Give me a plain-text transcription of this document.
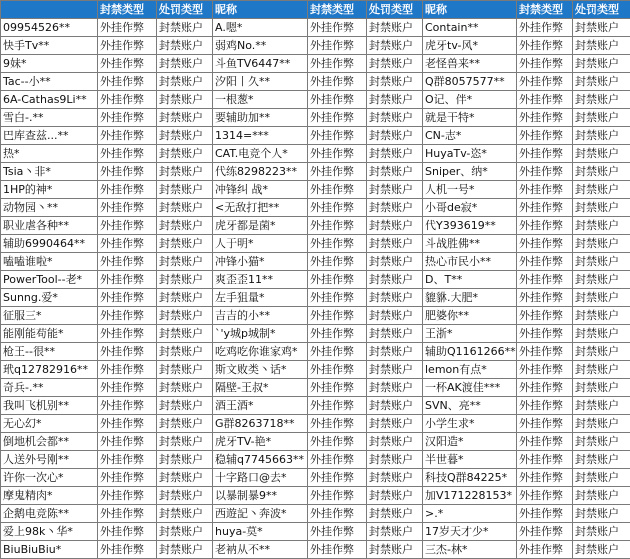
	封禁类型	处罚类型	昵称	封禁类型	处罚类型	昵称	封禁类型	处罚类型
09954526**	外挂作弊	封禁账户	A.嗯*	外挂作弊	封禁账户	Contain**	外挂作弊	封禁账户
快手Tv**	外挂作弊	封禁账户	弱鸡No.**	外挂作弊	封禁账户	虎牙tv-风*	外挂作弊	封禁账户
9妹*	外挂作弊	封禁账户	斗鱼TV6447**	外挂作弊	封禁账户	老怪兽来**	外挂作弊	封禁账户
Tac--小**	外挂作弊	封禁账户	汐阳丨久**	外挂作弊	封禁账户	Q群8057577**	外挂作弊	封禁账户
6A-Cathas9Li**	外挂作弊	封禁账户	一根葱*	外挂作弊	封禁账户	O记、伴*	外挂作弊	封禁账户
雪白-.**	外挂作弊	封禁账户	要辅助加**	外挂作弊	封禁账户	就是干特*	外挂作弊	封禁账户
巴库查兹...**	外挂作弊	封禁账户	1314=***	外挂作弊	封禁账户	CN-志*	外挂作弊	封禁账户
热*	外挂作弊	封禁账户	CAT.电竞个人*	外挂作弊	封禁账户	HuyaTv-恣*	外挂作弊	封禁账户
Tsia丶非*	外挂作弊	封禁账户	代练8298223**	外挂作弊	封禁账户	Sniper、纳*	外挂作弊	封禁账户
1HP的神*	外挂作弊	封禁账户	冲锋纠 战*	外挂作弊	封禁账户	人机一号*	外挂作弊	封禁账户
动物园丶**	外挂作弊	封禁账户	<无敌打把**	外挂作弊	封禁账户	小哥de寂*	外挂作弊	封禁账户
职业虐各种**	外挂作弊	封禁账户	虎牙都是菌*	外挂作弊	封禁账户	代Y393619**	外挂作弊	封禁账户
辅助6990464**	外挂作弊	封禁账户	人于明*	外挂作弊	封禁账户	斗战胜佛**	外挂作弊	封禁账户
嗑嗑谁啦*	外挂作弊	封禁账户	冲锋小猫*	外挂作弊	封禁账户	热心市民小**	外挂作弊	封禁账户
PowerTool--老*	外挂作弊	封禁账户	爽歪歪11**	外挂作弊	封禁账户	D、T**	外挂作弊	封禁账户
Sunng.爱*	外挂作弊	封禁账户	左手狙量*	外挂作弊	封禁账户	貔貅.大肥*	外挂作弊	封禁账户
征服三*	外挂作弊	封禁账户	吉吉的小**	外挂作弊	封禁账户	肥婆你**	外挂作弊	封禁账户
能刚能苟能*	外挂作弊	封禁账户	`'y城p城制*	外挂作弊	封禁账户	王浙*	外挂作弊	封禁账户
枪王--很**	外挂作弊	封禁账户	吃鸡吃你谁家鸡*	外挂作弊	封禁账户	辅助Q1161266**	外挂作弊	封禁账户
玳q12782916**	外挂作弊	封禁账户	斯文败类丶话*	外挂作弊	封禁账户	lemon有点*	外挂作弊	封禁账户
奇兵-.**	外挂作弊	封禁账户	隔壁-王叔*	外挂作弊	封禁账户	一杯AK渡佳***	外挂作弊	封禁账户
我叫飞机别**	外挂作弊	封禁账户	酒王酒*	外挂作弊	封禁账户	SVN、亮**	外挂作弊	封禁账户
无心幻*	外挂作弊	封禁账户	G群8263718**	外挂作弊	封禁账户	小学生求*	外挂作弊	封禁账户
倒地机会都**	外挂作弊	封禁账户	虎牙TV-艳*	外挂作弊	封禁账户	汉阳造*	外挂作弊	封禁账户
人送外号刚**	外挂作弊	封禁账户	稳辅q7745663**	外挂作弊	封禁账户	半世暮*	外挂作弊	封禁账户
许你一次心*	外挂作弊	封禁账户	十字路口@去*	外挂作弊	封禁账户	科技Q群84225*	外挂作弊	封禁账户
摩鬼精肉*	外挂作弊	封禁账户	以暴制暴9**	外挂作弊	封禁账户	加V171228153*	外挂作弊	封禁账户
企鹅电竞陈**	外挂作弊	封禁账户	西遊記丶奔波*	外挂作弊	封禁账户	>.*	外挂作弊	封禁账户
爱上98k丶华*	外挂作弊	封禁账户	huya-莫*	外挂作弊	封禁账户	17岁天才少*	外挂作弊	封禁账户
BiuBiuBiu*	外挂作弊	封禁账户	老衲从不**	外挂作弊	封禁账户	三杰-林*	外挂作弊	封禁账户
